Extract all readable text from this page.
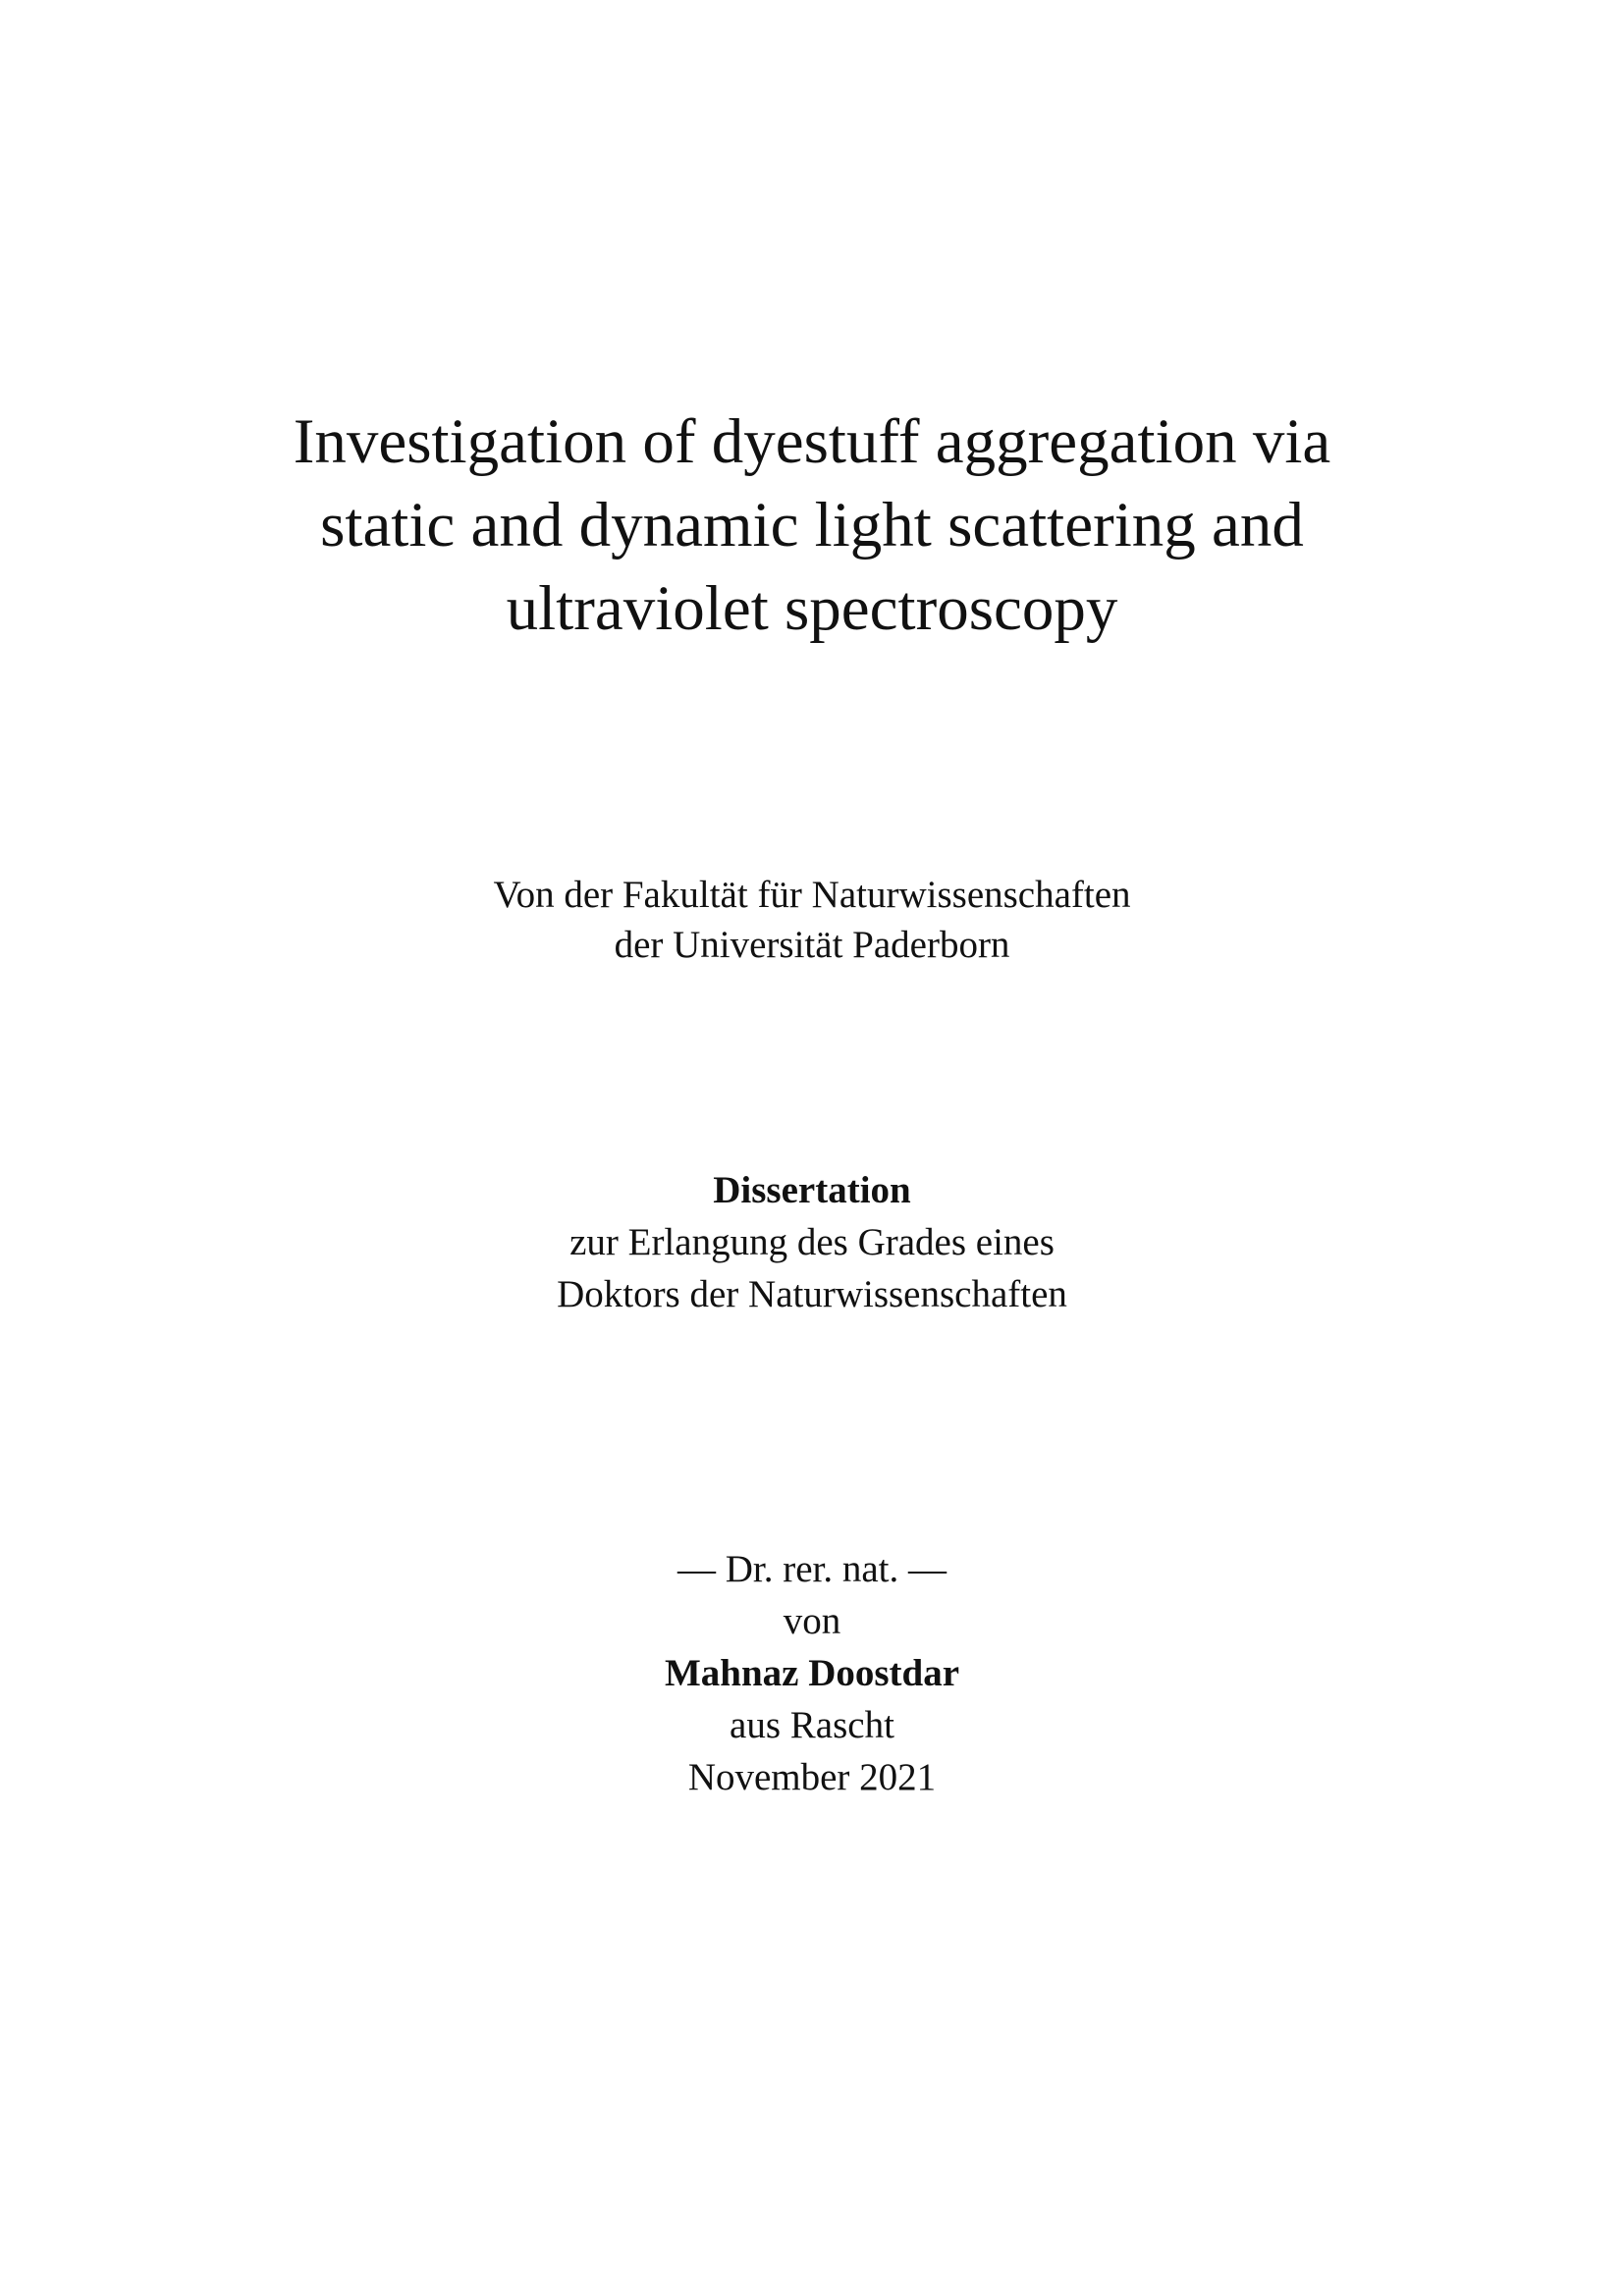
Investigation of dyestuff aggregation via
static and dynamic light scattering and
ultraviolet spectroscopy
Von der Fakultät für Naturwissenschaften
der Universität Paderborn
Dissertation
zur Erlangung des Grades eines
Doktors der Naturwissenschaften
— Dr. rer. nat. —
von
Mahnaz Doostdar
aus Rascht
November 2021
